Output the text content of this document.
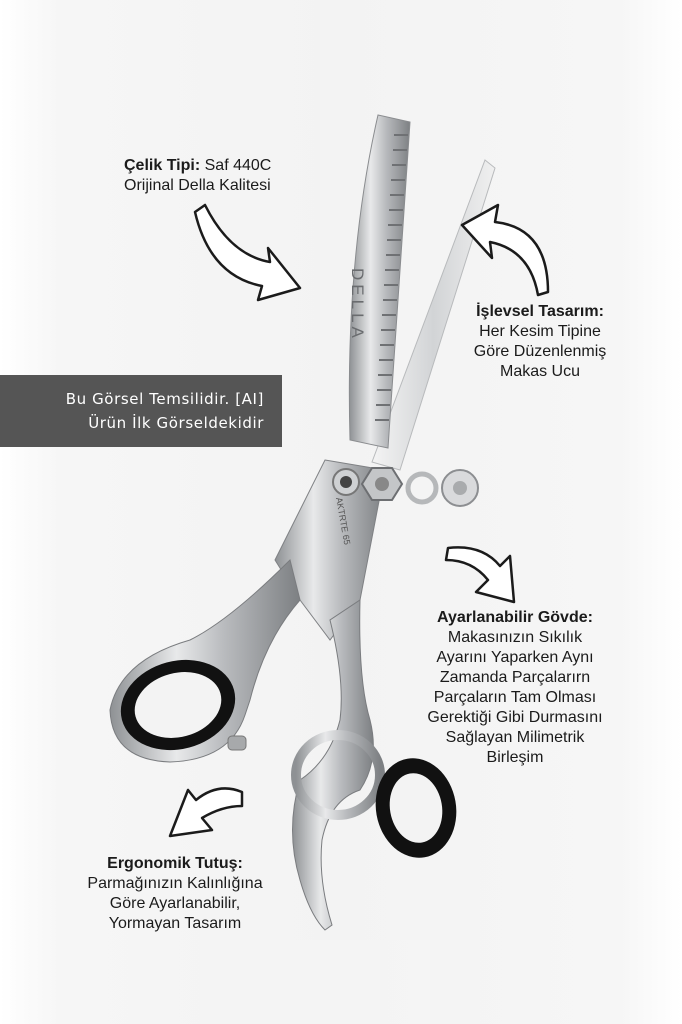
DELLA
AKTRTE 65
Çelik Tipi: Saf 440C
Orijinal Della Kalitesi
İşlevsel Tasarım:
Her Kesim Tipine
Göre Düzenlenmiş
Makas Ucu
Ayarlanabilir Gövde:
Makasınızın Sıkılık
Ayarını Yaparken Aynı
Zamanda Parçalarırn
Parçaların Tam Olması
Gerektiği Gibi Durmasını
Sağlayan Milimetrik
Birleşim
Ergonomik Tutuş:
Parmağınızın Kalınlığına
Göre Ayarlanabilir,
Yormayan Tasarım
Bu Görsel Temsilidir. [AI]
Ürün İlk Görseldekidir
